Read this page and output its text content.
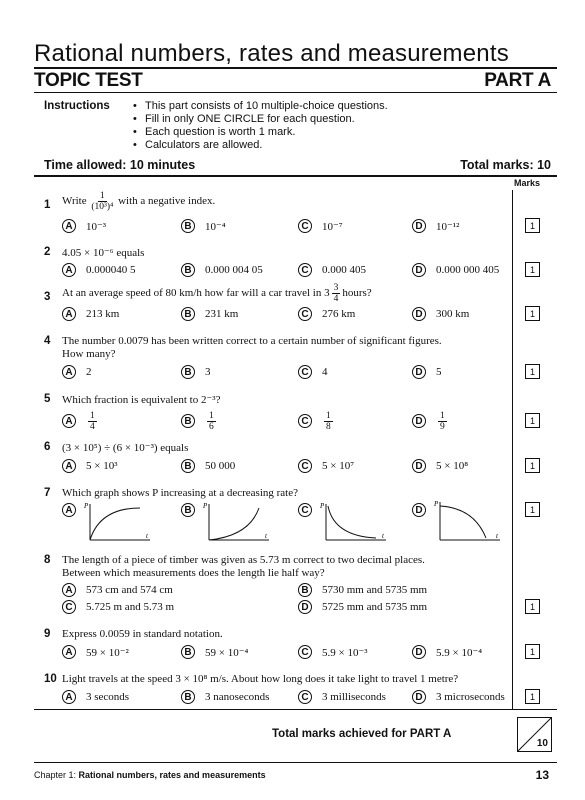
Rational numbers, rates and measurements
TOPIC TEST	PART A
Instructions
•	This part consists of 10 multiple-choice questions.
• Fill in only ONE CIRCLE for each question.
• Each question is worth 1 mark.
• Calculators are allowed.
Time allowed: 10 minutes	Total marks: 10
Marks
1 Write $\frac{1}{\text{(10³)⁴}}$ with a negative index.
A	10⁻³	B	10⁻⁴	C	10⁻⁷	D	10⁻¹²	1
2 4.05 × 10⁻⁶ equals
A	0.000040 5	B	0.000 004 05	C	0.000 405	D	0.000 000 405	1
3 At an average speed of 80 km/h how far will a car travel in $3 \frac{3}{4}$ hours?
A	213 km	B	231 km	C	276 km	D	300 km	1
4 The number 0.0079 has been written correct to a certain number of significant figures.
How many?
A	2	B	3	C	4	D	5	1
5 Which fraction is equivalent to 2⁻³?
A	$\frac{1}{4}$	B	$\frac{1}{6}$	C	$\frac{1}{8}$	D	$\frac{1}{9}$	1
6 (3 × 10⁵) ÷ (6 × 10⁻³) equals
A	5 × 10³	B	50 000	C	5 × 10⁷	D	5 × 10⁸	1
7 Which graph shows P increasing at a decreasing rate?
A	P
t
B	P
t
C	P
t
D
P
t
1
8 The length of a piece of timber was given as 5.73 m correct to two decimal places.
Between which measurements does the length lie half way?
A	573 cm and 574 cm	B	5730 mm and 5735 mm
C	5.725 m and 5.73 m	D	5725 mm and 5735 mm	1
9 Express 0.0059 in standard notation.
A	59 × 10⁻²	B	59 × 10⁻⁴	C	5.9 × 10⁻³	D	5.9 × 10⁻⁴	1
10 Light travels at the speed 3 × 10⁸ m/s. About how long does it take light to travel 1 metre?
A	3 seconds	B	3 nanoseconds	C	3 milliseconds	D	3 microseconds	1
Total marks achieved for PART A
10
Chapter 1: Rational numbers, rates and measurements	13
